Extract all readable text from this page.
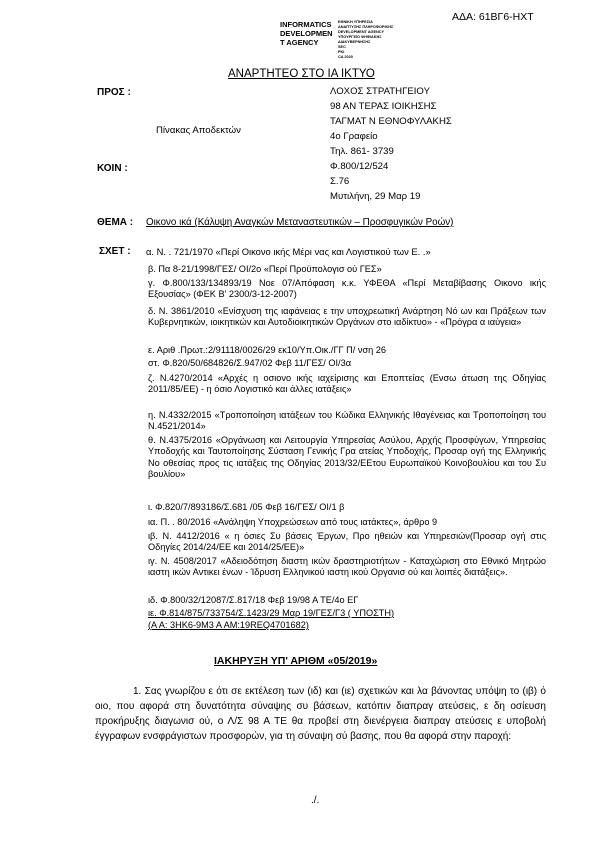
ΑΔΑ: 61ΒΓ6-ΗΧΤ
INFORMATICS
DEVELOPMEN
T AGENCY
ΕΘΝΙΚΗ ΥΠΗΡΕΣΙΑ
ΑΝΑΠΤΥΞΗΣ ΠΛΗΡΟΦΟΡΙΚΗΣ
DEVELOPMENT AGENCY
ΥΠΟΥΡΓΕΙΟ ΨΗΦΙΑΚΗΣ
ΔΙΑΚΥΒΕΡΝΗΣΗΣ
SEC
PKI
CA 2020
ΑΝΑΡΤΗΤΕΟ ΣΤΟ ΙΑ ΙΚΤΥΟ
ΠΡΟΣ :
Πίνακας Αποδεκτών
ΚΟΙΝ :
ΛΟΧΟΣ ΣΤΡΑΤΗΓΕΙΟΥ
98 ΑΝ ΤΕΡΑΣ ΙΟΙΚΗΣΗΣ
ΤΑΓΜΑΤ Ν ΕΘΝΟΦΥΛΑΚΗΣ
4ο Γραφείο
Τηλ. 861- 3739
Φ.800/12/524
Σ.76
Μυτιλήνη, 29 Μαρ 19
ΘΕΜΑ : Οικονο ικά (Κάλυψη Αναγκών Μεταναστευτικών – Προσφυγικών Ροών)
ΣΧΕΤ : α. Ν. . 721/1970 «Περί Οικονο ικής Μέρι νας και Λογιστικού των Ε. .»
β. Πα 8-21/1998/ΓΕΣ/ ΟΙ/2ο «Περί Προϋπολογισ ού ΓΕΣ»
γ. Φ.800/133/134893/19 Νοε 07/Απόφαση κ.κ. ΥΦΕΘΑ «Περί Μεταβίβασης Οικονο ικής Εξουσίας» (ΦΕΚ Β' 2300/3-12-2007)
δ. Ν. 3861/2010 «Ενίσχυση της ιαφάνειας ε την υποχρεωτική Ανάρτηση Νό ων και Πράξεων των Κυβερνητικών, ιοικητικών και Αυτοδιοικητικών Οργάνων στο ιαδίκτυο» - «Πρόγρα α ιαύγεια»
ε. Αριθ .Πρωτ.:2/91118/0026/29 εκ10/Υπ.Οικ./ΓΓ Π/ νση 26
στ. Φ.820/50/684826/Σ.947/02 Φεβ 11/ΓΕΣ/ ΟΙ/3α
ζ. Ν.4270/2014 «Αρχές η οσιονο ικής ιαχείρισης και Εποπτείας (Ενσω άτωση της Οδηγίας 2011/85/ΕΕ) - η όσιο Λογιστικό και άλλες ιατάξεις»
η. Ν.4332/2015 «Τροποποίηση ιατάξεων του Κώδικα Ελληνικής Ιθαγένειας και Τροποποίηση του Ν.4521/2014»
θ. Ν.4375/2016 «Οργάνωση και Λειτουργία Υπηρεσίας Ασύλου, Αρχής Προσφύγων, Υπηρεσίας Υποδοχής και Ταυτοποίησης Σύσταση Γενικής Γρα ατείας Υποδοχής, Προσαρ ογή της Ελληνικής Νο οθεσίας προς τις ιατάξεις της Οδηγίας 2013/32/ΕΕτου Ευρωπαϊκού Κοινοβουλίου και του Συ βουλίου»
ι. Φ.820/7/893186/Σ.681 /05 Φεβ 16/ΓΕΣ/ ΟΙ/1 β
ια. Π. . 80/2016 «Ανάληψη Υποχρεώσεων από τους ιατάκτες», άρθρο 9
ιβ. Ν. 4412/2016 « η όσιες Συ βάσεις Έργων, Προ ηθειών και Υπηρεσιών(Προσαρ ογή στις Οδηγίες 2014/24/ΕΕ και 2014/25/ΕΕ)»
ιγ. Ν. 4508/2017 «Αδειοδότηση διαστη ικών δραστηριοτήτων - Καταχώριση στο Εθνικό Μητρώο ιαστη ικών Αντικει ένων - Ίδρυση Ελληνικού ιαστη ικού Οργανισ ού και λοιπές διατάξεις».
ιδ. Φ.800/32/12087/Σ.817/18 Φεβ 19/98 Α ΤΕ/4ο ΕΓ
ιε. Φ.814/875/733754/Σ.1423/29 Μαρ 19/ΓΕΣ/Γ3 ( ΥΠΟΣΤΗ)
(Α Α: 3ΗΚ6-9Μ3 Α ΑΜ:19REQ4701682)
ΙΑΚΗΡΥΞΗ ΥΠ' ΑΡΙΘΜ «05/2019»
1. Σας γνωρίζου ε ότι σε εκτέλεση των (ιδ) και (ιε) σχετικών και λα βάνοντας υπόψη το (ιβ) ό οιο, που αφορά στη δυνατότητα σύναψης συ βάσεων, κατόπιν διαπραγ ατεύσεις, ε δη οσίευση προκήρυξης διαγωνισ ού, ο Λ/Σ 98 Α ΤΕ θα προβεί στη διενέργεια διαπραγ ατεύσεις ε υποβολή έγγραφων ενσφράγιστων προσφορών, για τη σύναψη σύ βασης, που θα αφορά στην παροχή:
./.
